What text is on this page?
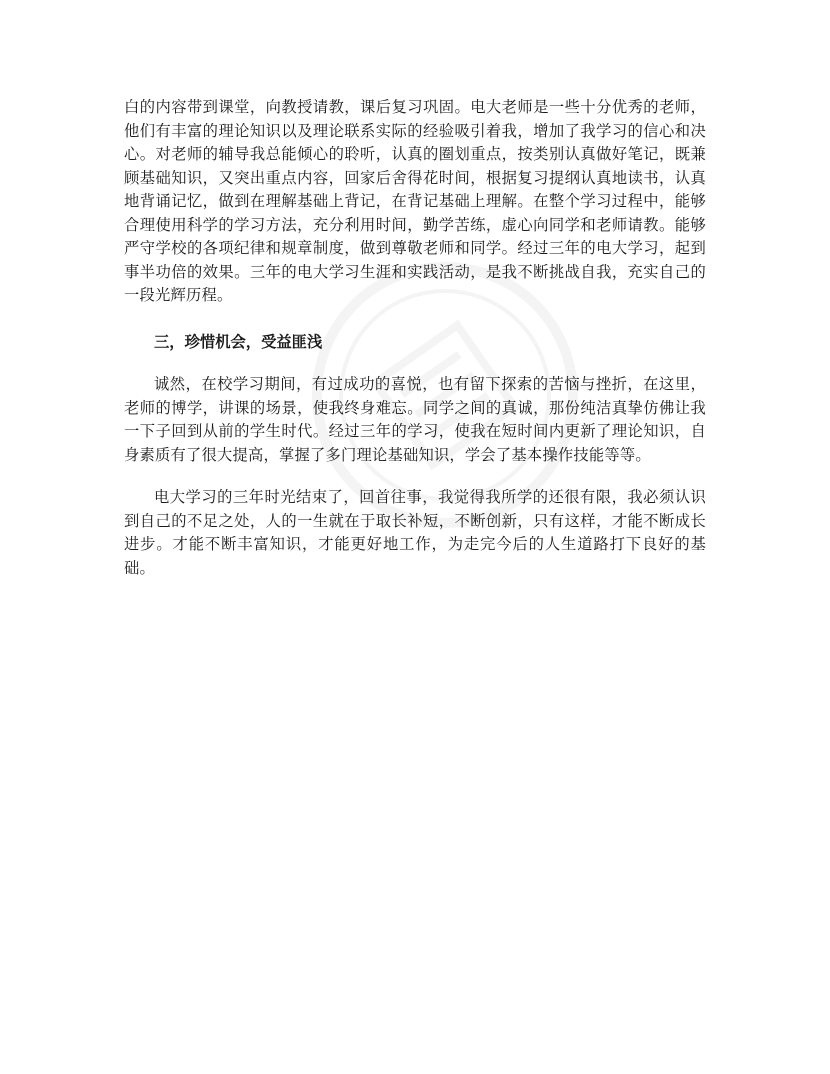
白的内容带到课堂，向教授请教，课后复习巩固。电大老师是一些十分优秀的老师，他们有丰富的理论知识以及理论联系实际的经验吸引着我，增加了我学习的信心和决心。对老师的辅导我总能倾心的聆听，认真的圈划重点，按类别认真做好笔记，既兼顾基础知识，又突出重点内容，回家后舍得花时间，根据复习提纲认真地读书，认真地背诵记忆，做到在理解基础上背记，在背记基础上理解。在整个学习过程中，能够合理使用科学的学习方法，充分利用时间，勤学苦练，虚心向同学和老师请教。能够严守学校的各项纪律和规章制度，做到尊敬老师和同学。经过三年的电大学习，起到事半功倍的效果。三年的电大学习生涯和实践活动，是我不断挑战自我，充实自己的一段光辉历程。

三，珍惜机会，受益匪浅

诚然，在校学习期间，有过成功的喜悦，也有留下探索的苦恼与挫折，在这里，老师的博学，讲课的场景，使我终身难忘。同学之间的真诚，那份纯洁真挚仿佛让我一下子回到从前的学生时代。经过三年的学习，使我在短时间内更新了理论知识，自身素质有了很大提高，掌握了多门理论基础知识，学会了基本操作技能等等。

电大学习的三年时光结束了，回首往事，我觉得我所学的还很有限，我必须认识到自己的不足之处，人的一生就在于取长补短，不断创新，只有这样，才能不断成长进步。才能不断丰富知识，才能更好地工作，为走完今后的人生道路打下良好的基础。
